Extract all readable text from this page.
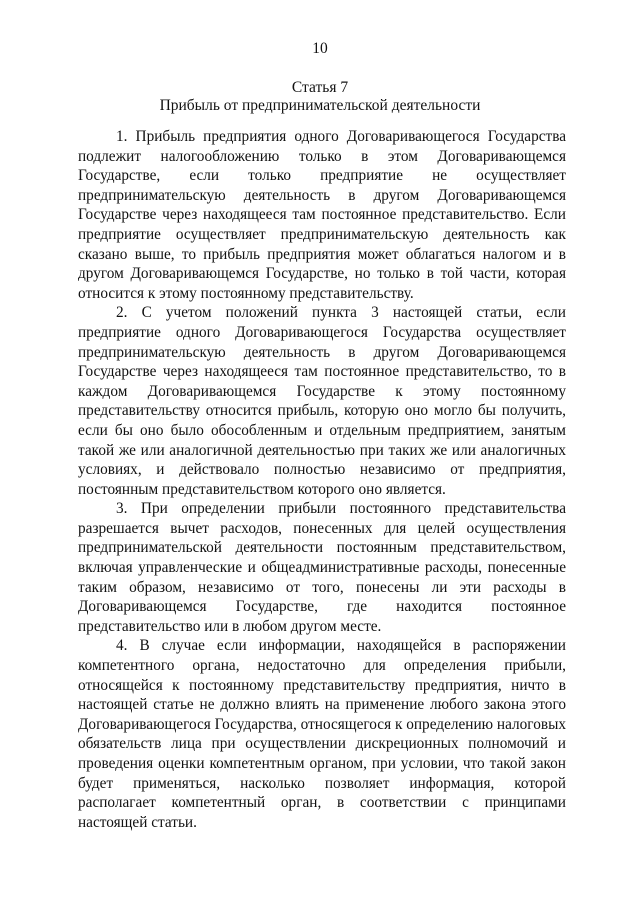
10
Статья 7
Прибыль от предпринимательской деятельности

1. Прибыль предприятия одного Договаривающегося Государства подлежит налогообложению только в этом Договаривающемся Государстве, если только предприятие не осуществляет предпринимательскую деятельность в другом Договаривающемся Государстве через находящееся там постоянное представительство. Если предприятие осуществляет предпринимательскую деятельность как сказано выше, то прибыль предприятия может облагаться налогом и в другом Договаривающемся Государстве, но только в той части, которая относится к этому постоянному представительству.

2. С учетом положений пункта 3 настоящей статьи, если предприятие одного Договаривающегося Государства осуществляет предпринимательскую деятельность в другом Договаривающемся Государстве через находящееся там постоянное представительство, то в каждом Договаривающемся Государстве к этому постоянному представительству относится прибыль, которую оно могло бы получить, если бы оно было обособленным и отдельным предприятием, занятым такой же или аналогичной деятельностью при таких же или аналогичных условиях, и действовало полностью независимо от предприятия, постоянным представительством которого оно является.

3. При определении прибыли постоянного представительства разрешается вычет расходов, понесенных для целей осуществления предпринимательской деятельности постоянным представительством, включая управленческие и общеадминистративные расходы, понесенные таким образом, независимо от того, понесены ли эти расходы в Договаривающемся Государстве, где находится постоянное представительство или в любом другом месте.

4. В случае если информации, находящейся в распоряжении компетентного органа, недостаточно для определения прибыли, относящейся к постоянному представительству предприятия, ничто в настоящей статье не должно влиять на применение любого закона этого Договаривающегося Государства, относящегося к определению налоговых обязательств лица при осуществлении дискреционных полномочий и проведения оценки компетентным органом, при условии, что такой закон будет применяться, насколько позволяет информация, которой располагает компетентный орган, в соответствии с принципами настоящей статьи.
